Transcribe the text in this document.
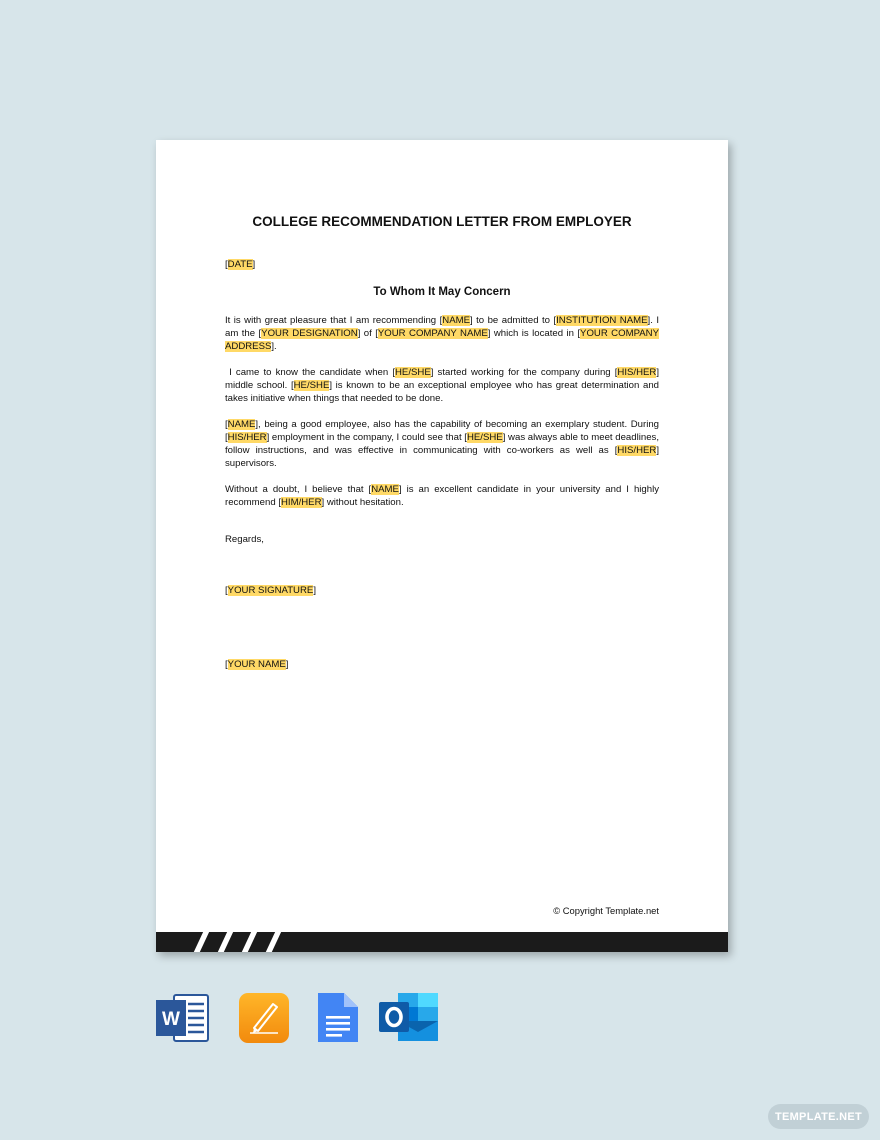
COLLEGE RECOMMENDATION LETTER FROM EMPLOYER
[DATE]
To Whom It May Concern
It is with great pleasure that I am recommending [NAME] to be admitted to [INSTITUTION NAME]. I am the [YOUR DESIGNATION] of [YOUR COMPANY NAME] which is located in [YOUR COMPANY ADDRESS].
I came to know the candidate when [HE/SHE] started working for the company during [HIS/HER] middle school. [HE/SHE] is known to be an exceptional employee who has great determination and takes initiative when things that needed to be done.
[NAME], being a good employee, also has the capability of becoming an exemplary student. During [HIS/HER] employment in the company, I could see that [HE/SHE] was always able to meet deadlines, follow instructions, and was effective in communicating with co-workers as well as [HIS/HER] supervisors.
Without a doubt, I believe that [NAME] is an excellent candidate in your university and I highly recommend [HIM/HER] without hesitation.
Regards,
[YOUR SIGNATURE]
[YOUR NAME]
© Copyright Template.net
W
TEMPLATE.NET
